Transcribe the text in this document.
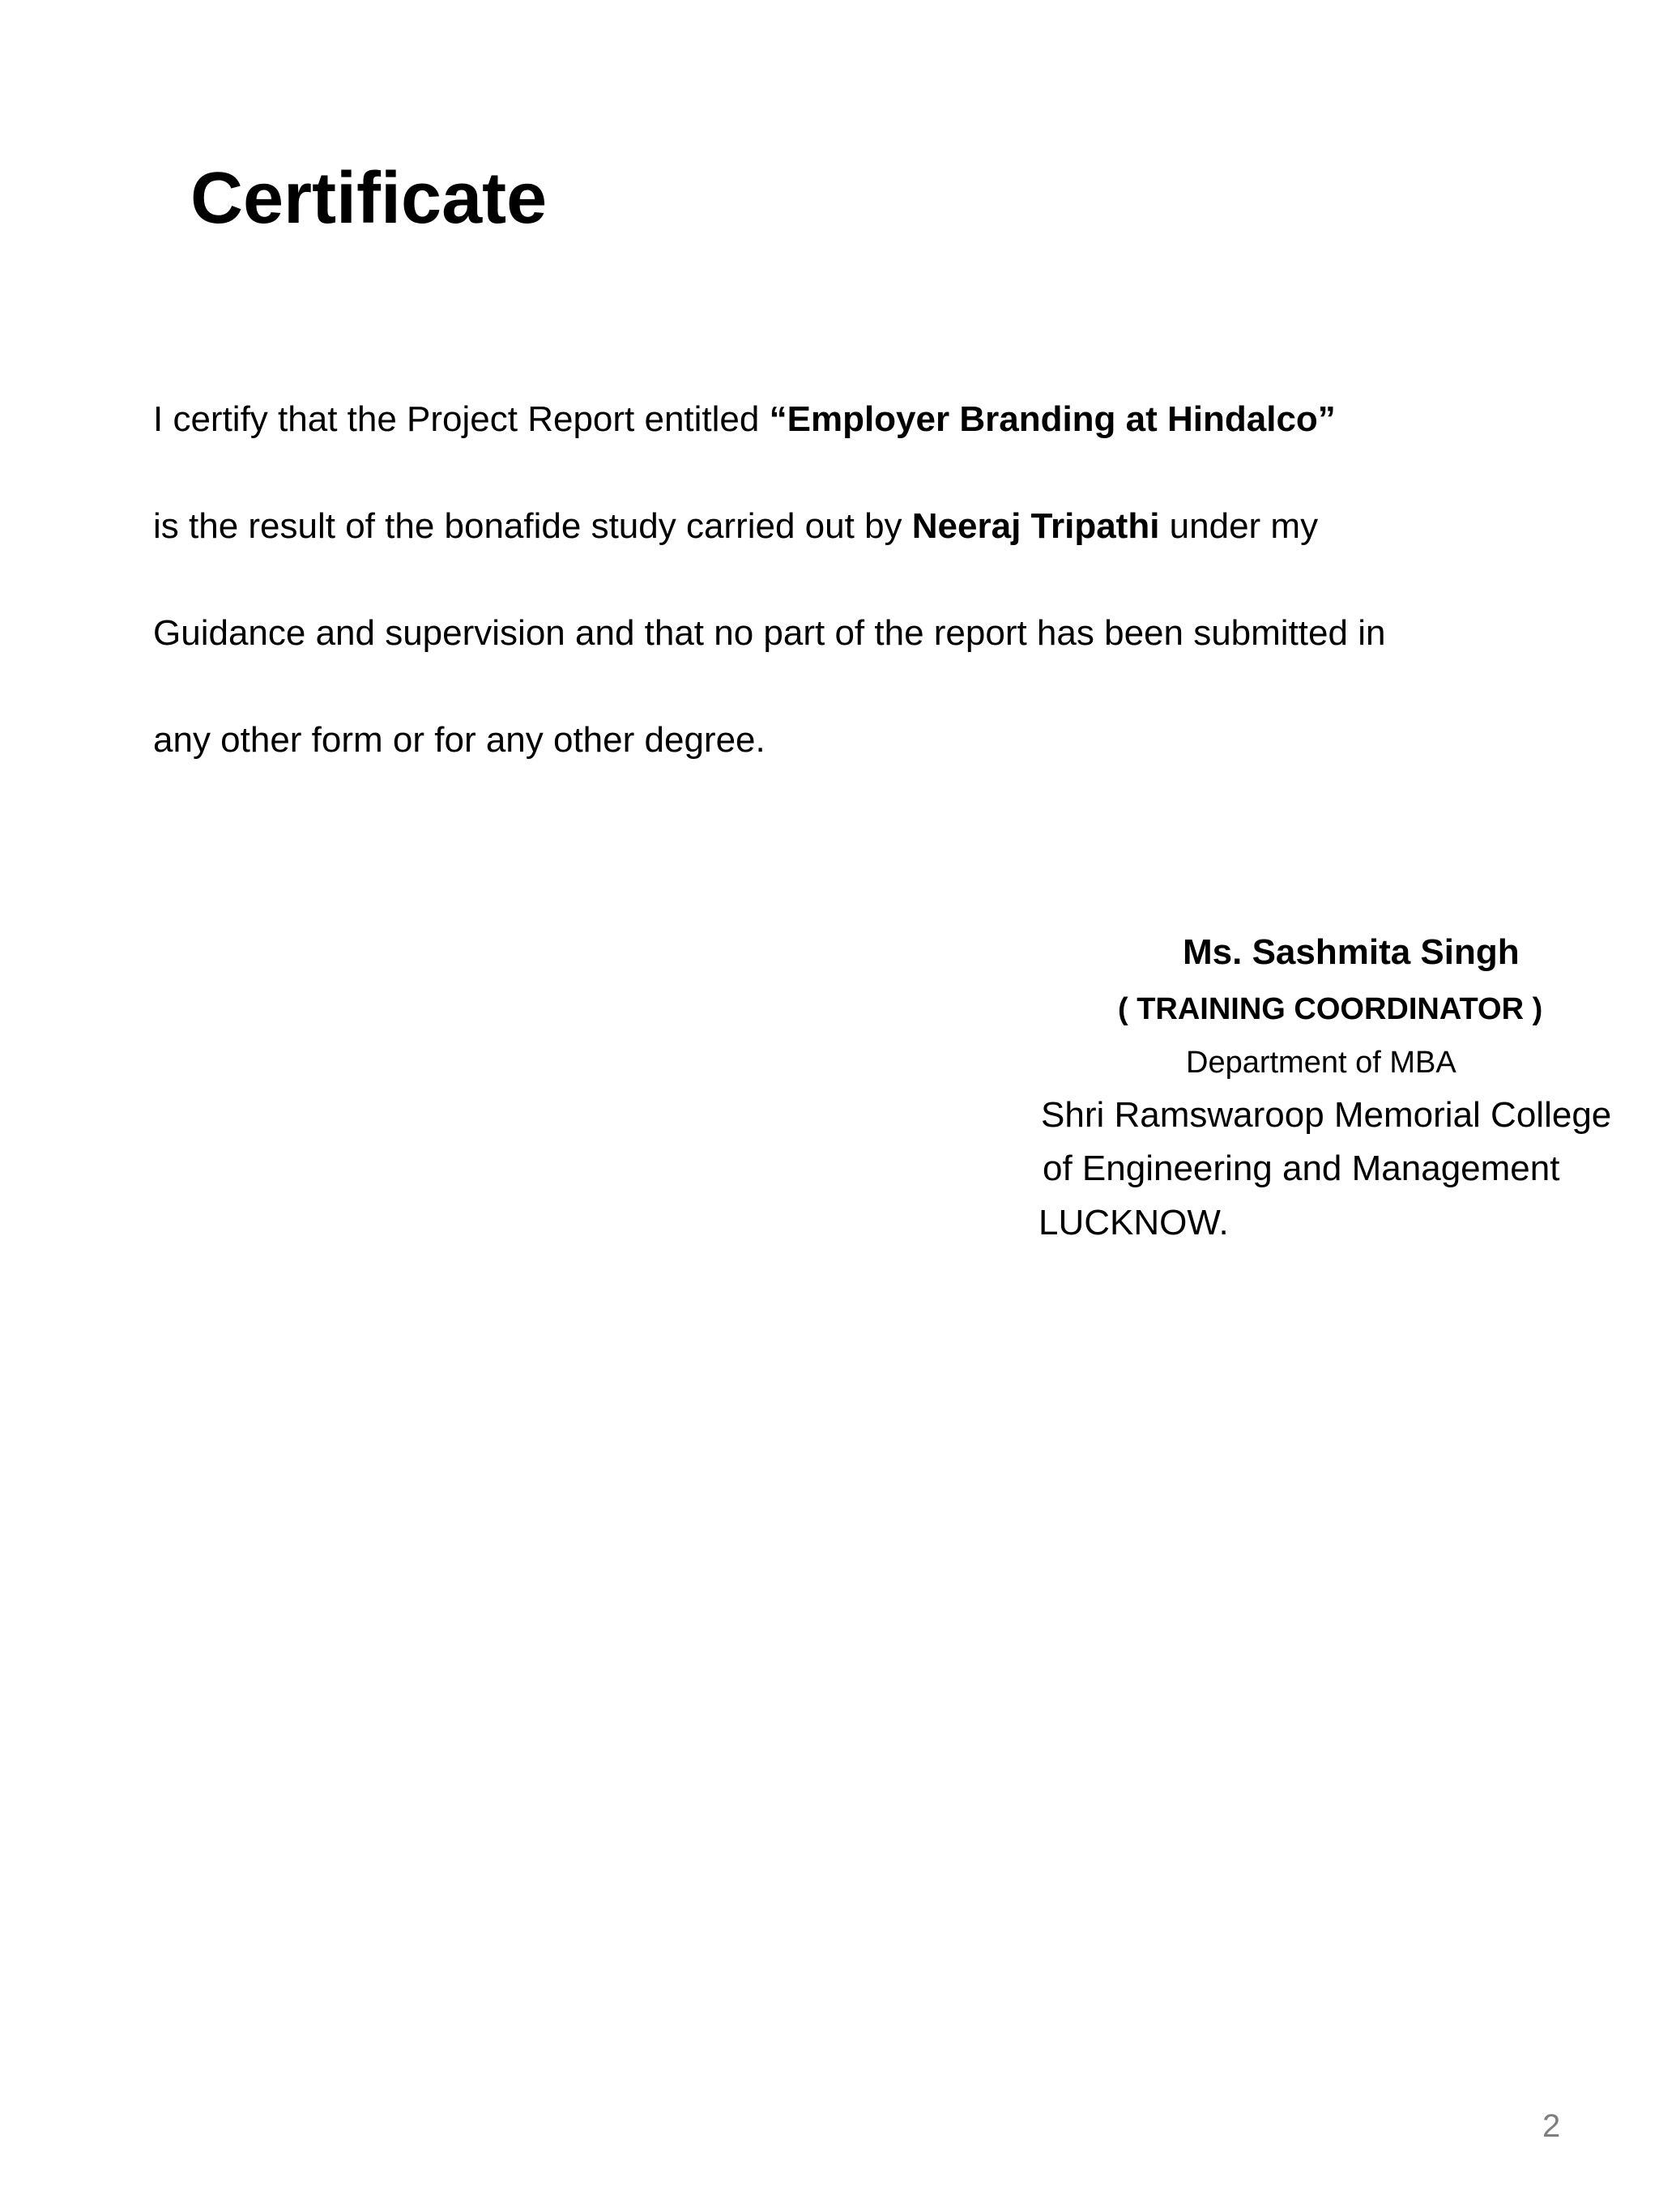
Certificate

I certify that the Project Report entitled “Employer Branding at Hindalco”

is the result of the bonafide study carried out by Neeraj Tripathi under my

Guidance and supervision and that no part of the report has been submitted in

any other form or for any other degree.

Ms. Sashmita Singh

( TRAINING COORDINATOR )

Department of MBA

Shri Ramswaroop Memorial College

of Engineering and Management

LUCKNOW.

2
